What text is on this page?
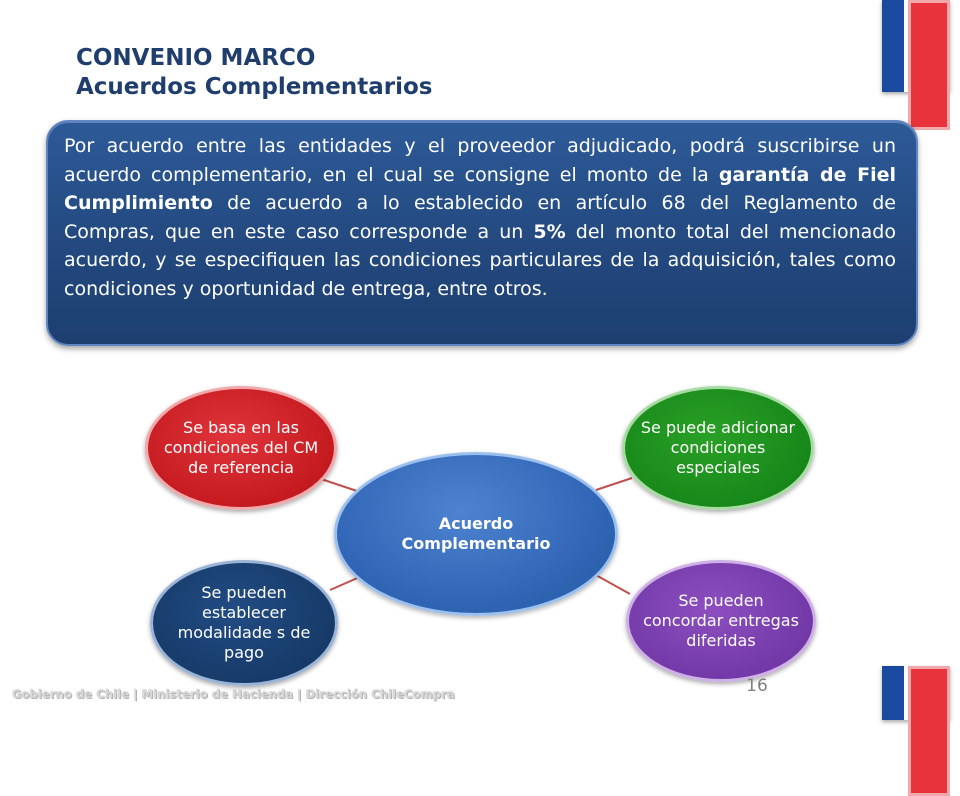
CONVENIO MARCO
Acuerdos Complementarios
Por acuerdo entre las entidades y el proveedor adjudicado, podrá suscribirse un acuerdo complementario, en el cual se consigne el monto de la garantía de Fiel Cumplimiento de acuerdo a lo establecido en artículo 68 del Reglamento de Compras, que en este caso corresponde a un 5% del monto total del mencionado acuerdo, y se especifiquen las condiciones particulares de la adquisición, tales como condiciones y oportunidad de entrega, entre otros.
Se basa en las condiciones del CM de referencia
Se puede adicionar condiciones especiales
Se pueden establecer modalidade s de pago
Se pueden concordar entregas diferidas
Acuerdo Complementario
16
Gobierno de Chile | Ministerio de Hacienda | Dirección ChileCompra
